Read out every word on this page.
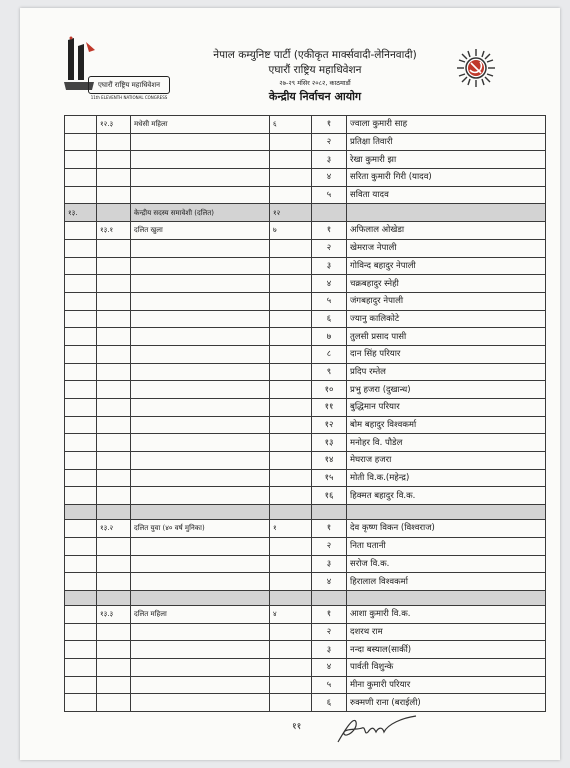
एघारौं राष्ट्रिय महाधिवेशन
11th ELEVENTH NATIONAL CONGRESS
नेपाल कम्युनिष्ट पार्टी (एकीकृत मार्क्सवादी-लेनिनवादी)
एघारौं राष्ट्रिय महाधिवेशन
२७-२९ मंसिर २०८२, काठमाडौं
केन्द्रीय निर्वाचन आयोग
	१२.३	मधेसी महिला	६	१	ज्वाला कुमारी साह
				२	प्रतिक्षा तिवारी
				३	रेखा कुमारी झा
				४	सरिता कुमारी गिरी (यादव)
				५	सविता यादव
१३.		केन्द्रीय सदस्य समावेशी (दलित)	१२		
	१३.१	दलित खुला	७	१	अफिलाल ओखेडा
				२	खेमराज नेपाली
				३	गोविन्द बहादुर नेपाली
				४	चक्रबहादुर स्नेही
				५	जंगबहादुर नेपाली
				६	ज्यानु कालिकोटे
				७	तुलसी प्रसाद पासी
				८	दान सिंह परियार
				९	प्रदिप रम्तेल
				१०	प्रभु हजरा (दुखान्ध)
				११	बुद्धिमान परियार
				१२	बोम बहादुर विश्वकर्मा
				१३	मनोहर वि. पौडेल
				१४	मेघराज हजरा
				१५	मोती वि.क.(महेन्द्र)
				१६	हिक्मत बहादुर वि.क.

	१३.२	दलित युवा (४० वर्ष मुनिका)	१	१	देव कृष्ण विकन (विश्वराज)
				२	निता घतानी
				३	सरोज वि.क.
				४	हिरालाल विश्वकर्मा

	१३.३	दलित महिला	४	१	आशा कुमारी वि.क.
				२	दशरथ राम
				३	नन्दा बस्याल(सार्की)
				४	पार्वती विशुन्के
				५	मीना कुमारी परियार
				६	रुक्मणी राना (बराईली)
११
